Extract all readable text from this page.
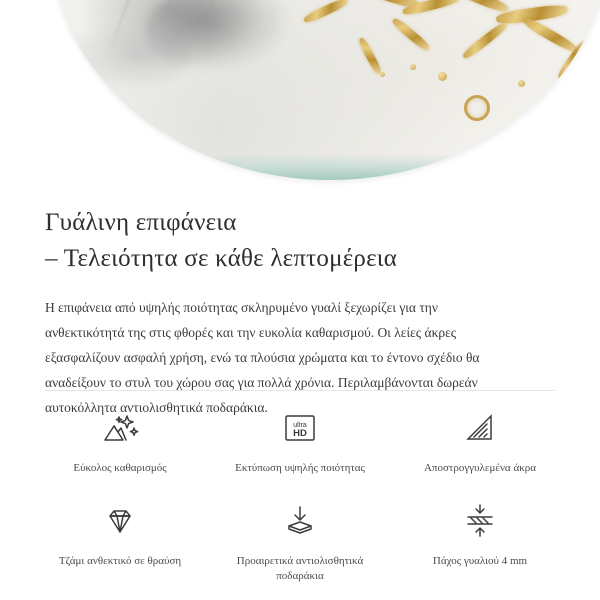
Γυάλινη επιφάνεια
– Τελειότητα σε κάθε λεπτομέρεια

Η επιφάνεια από υψηλής ποιότητας σκληρυμένο γυαλί ξεχωρίζει για την ανθεκτικότητά της στις φθορές και την ευκολία καθαρισμού. Οι λείες άκρες εξασφαλίζουν ασφαλή χρήση, ενώ τα πλούσια χρώματα και το έντονο σχέδιο θα αναδείξουν το στυλ του χώρου σας για πολλά χρόνια. Περιλαμβάνονται δωρεάν αυτοκόλλητα αντιολισθητικά ποδαράκια.

Εύκολος καθαρισμός
ultra
HD
Εκτύπωση υψηλής ποιότητας	Αποστρογγυλεμένα άκρα
Τζάμι ανθεκτικό σε θραύση	Προαιρετικά αντιολισθητικά ποδαράκια
Πάχος γυαλιού 4 mm
